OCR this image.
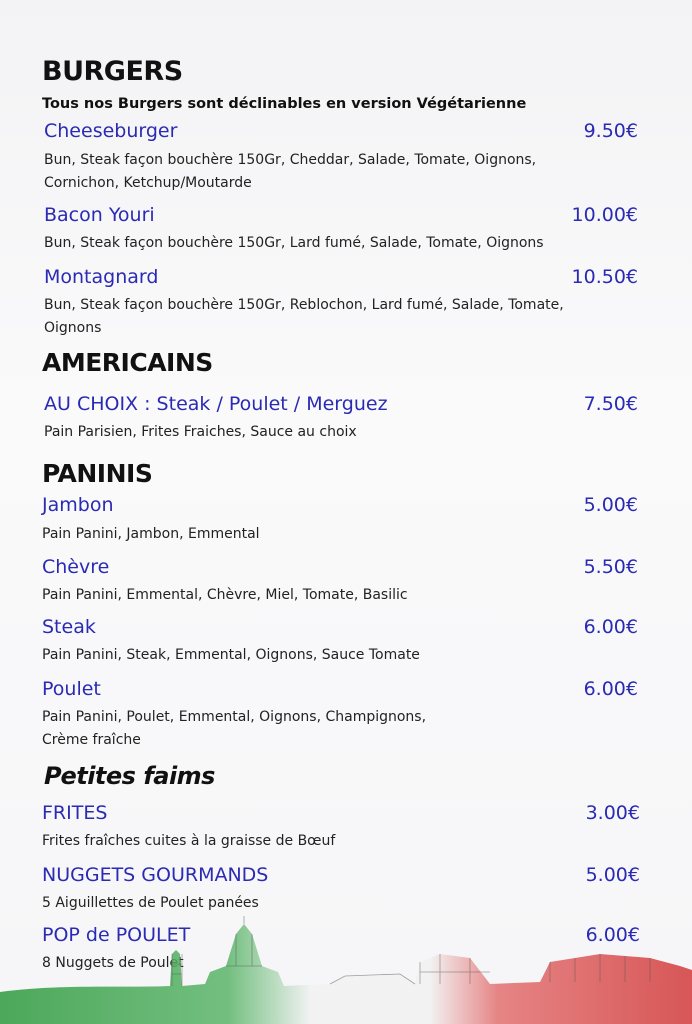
BURGERS
Tous nos Burgers sont déclinables en version Végétarienne
Cheeseburger	9.50€
Bun, Steak façon bouchère 150Gr, Cheddar, Salade, Tomate, Oignons, Cornichon, Ketchup/Moutarde
Bacon Youri	10.00€
Bun, Steak façon bouchère 150Gr, Lard fumé, Salade, Tomate, Oignons
Montagnard	10.50€
Bun, Steak façon bouchère 150Gr, Reblochon, Lard fumé, Salade, Tomate, Oignons
AMERICAINS
AU CHOIX : Steak / Poulet / Merguez	7.50€
Pain Parisien, Frites Fraiches, Sauce au choix
PANINIS
Jambon	5.00€
Pain Panini, Jambon, Emmental
Chèvre	5.50€
Pain Panini, Emmental, Chèvre, Miel, Tomate, Basilic
Steak	6.00€
Pain Panini, Steak, Emmental, Oignons, Sauce Tomate
Poulet	6.00€
Pain Panini, Poulet, Emmental, Oignons, Champignons, Crème fraîche
Petites faims
FRITES	3.00€
Frites fraîches cuites à la graisse de Bœuf
NUGGETS GOURMANDS	5.00€
5 Aiguillettes de Poulet panées
POP de POULET	6.00€
8 Nuggets de Poulet
